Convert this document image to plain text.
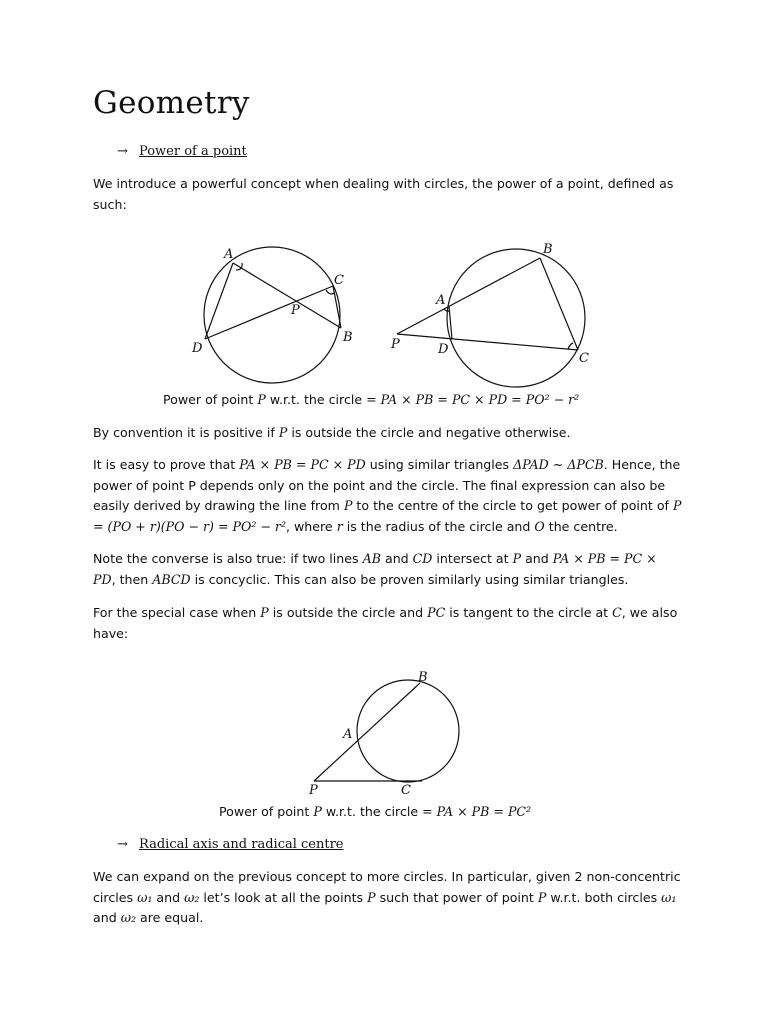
Geometry
→ Power of a point

We introduce a powerful concept when dealing with circles, the power of a point, defined as such:

A
C
P
B
D
B
A
P	D
C
B
A
P	C
Power of point P w.r.t. the circle = PA × PB = PC × PD = PO² − r²

By convention it is positive if P is outside the circle and negative otherwise.

It is easy to prove that PA × PB = PC × PD using similar triangles ΔPAD ~ ΔPCB. Hence, the power of point P depends only on the point and the circle. The final expression can also be easily derived by drawing the line from P to the centre of the circle to get power of point of P = (PO + r)(PO − r) = PO² − r², where r is the radius of the circle and O the centre.

Note the converse is also true: if two lines AB and CD intersect at P and PA × PB = PC × PD, then ABCD is concyclic. This can also be proven similarly using similar triangles.

For the special case when P is outside the circle and PC is tangent to the circle at C, we also have:

Power of point P w.r.t. the circle = PA × PB = PC²
→ Radical axis and radical centre

We can expand on the previous concept to more circles. In particular, given 2 non-concentric circles ω₁ and ω₂ let’s look at all the points P such that power of point P w.r.t. both circles ω₁ and ω₂ are equal.
